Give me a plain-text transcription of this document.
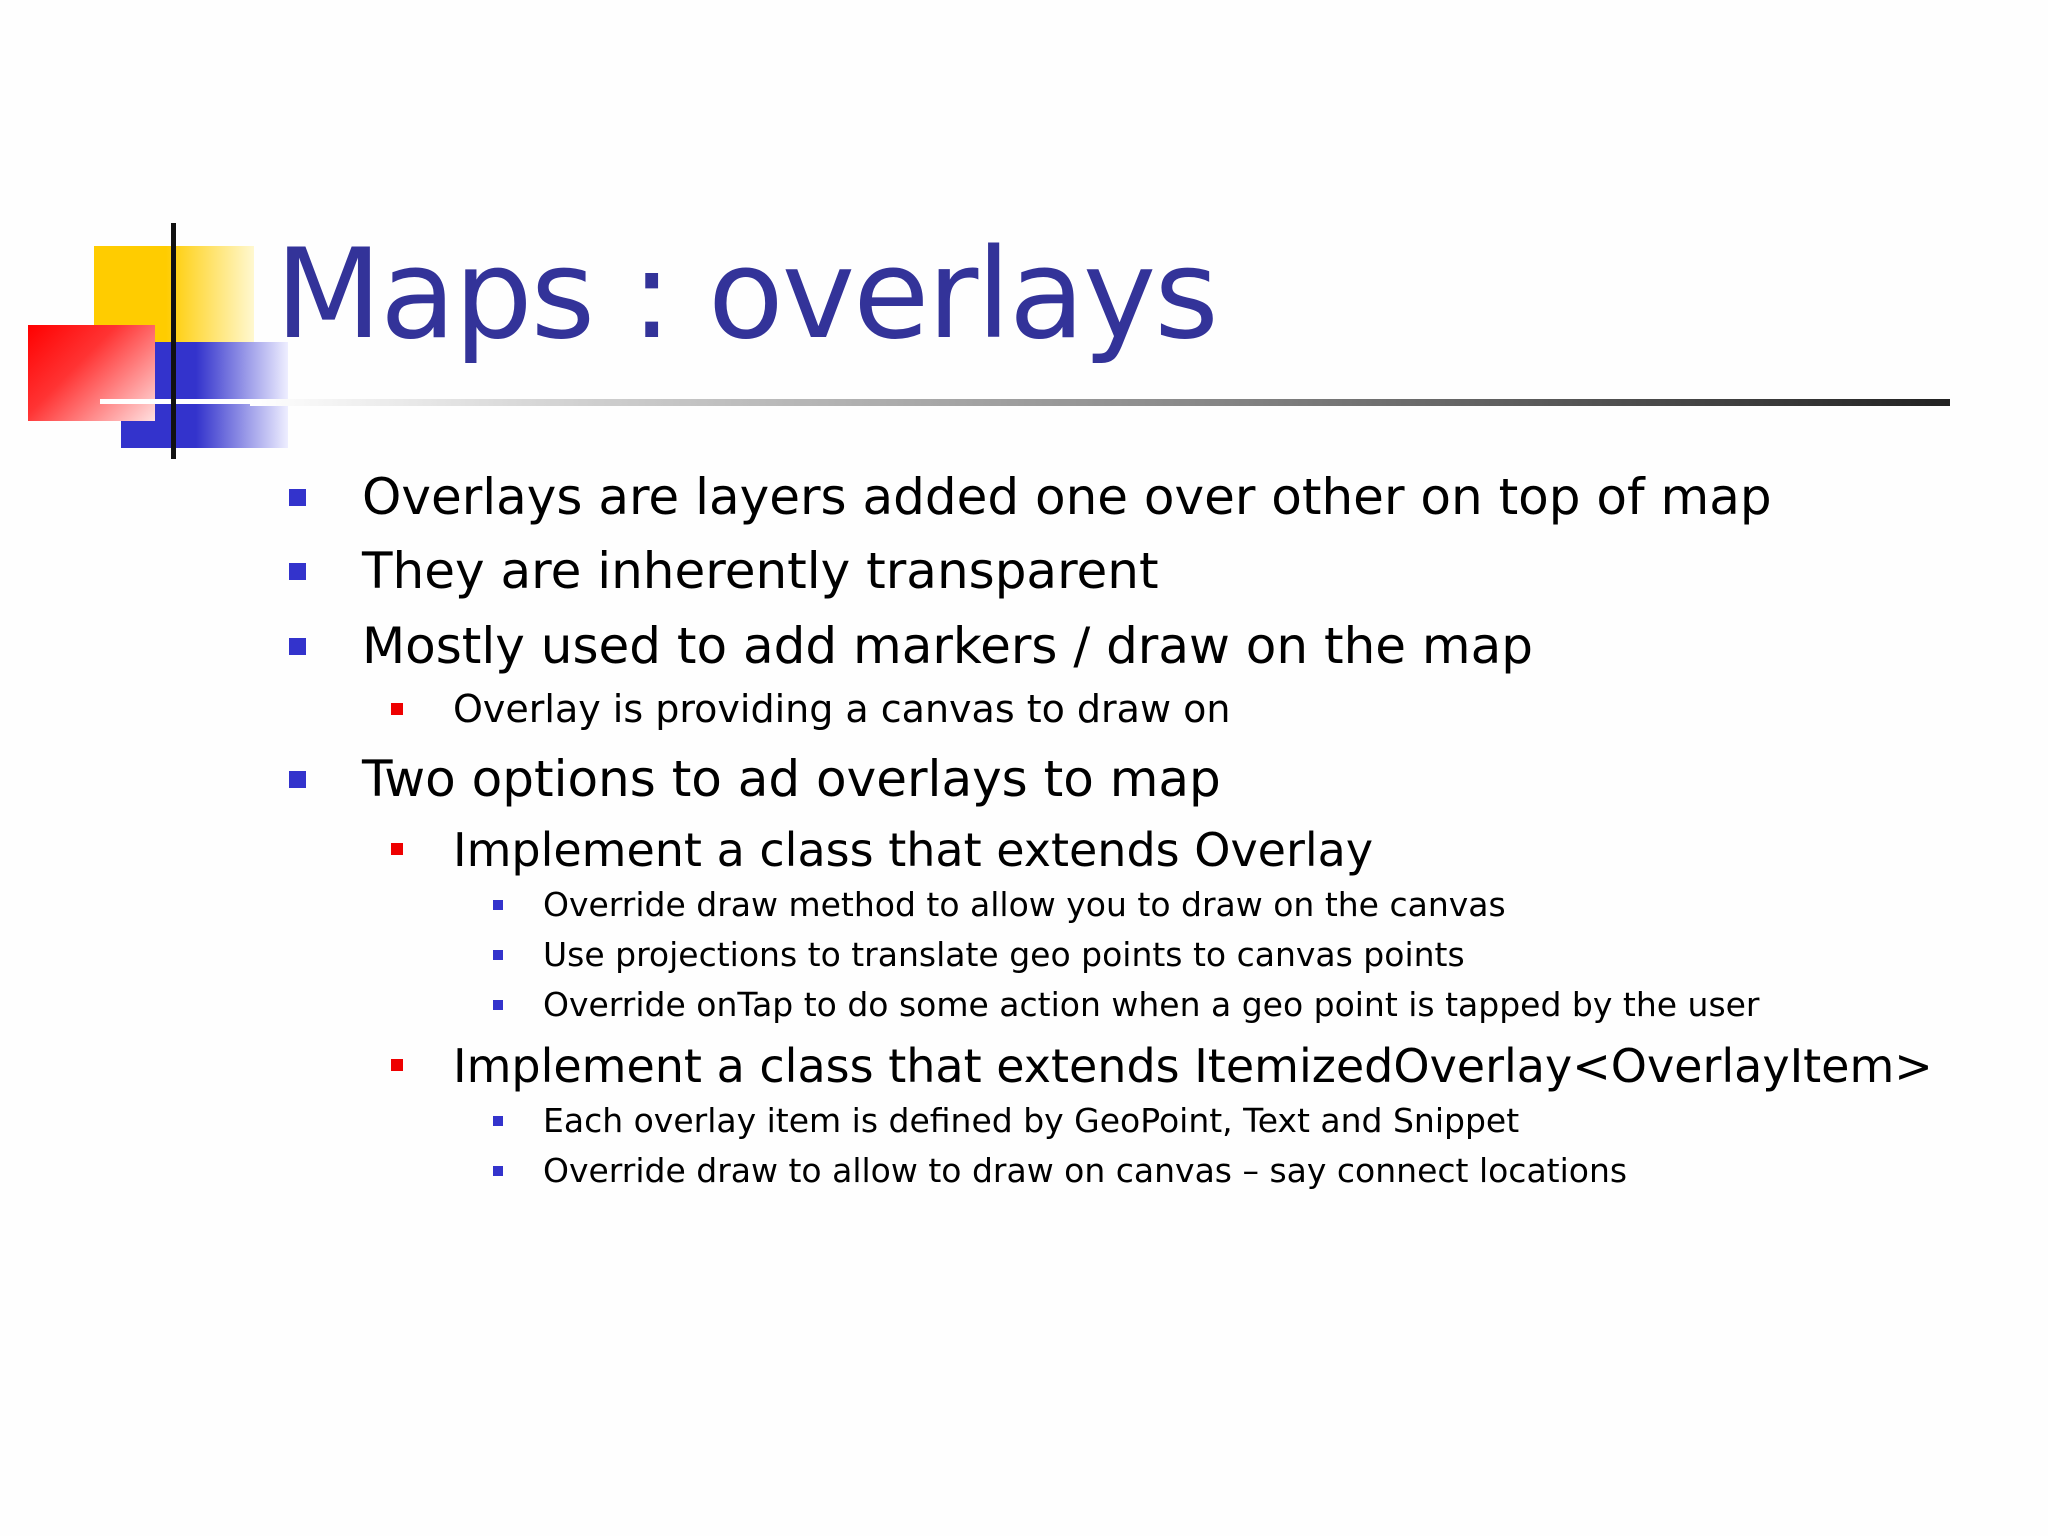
Maps : overlays
Overlays are layers added one over other on top of map
They are inherently transparent
Mostly used to add markers / draw on the map
Overlay is providing a canvas to draw on
Two options to ad overlays to map
Implement a class that extends Overlay
Override draw method to allow you to draw on the canvas
Use projections to translate geo points to canvas points
Override onTap to do some action when a geo point is tapped by the user
Implement a class that extends ItemizedOverlay<OverlayItem>
Each overlay item is defined by GeoPoint, Text and Snippet
Override draw to allow to draw on canvas – say connect locations
